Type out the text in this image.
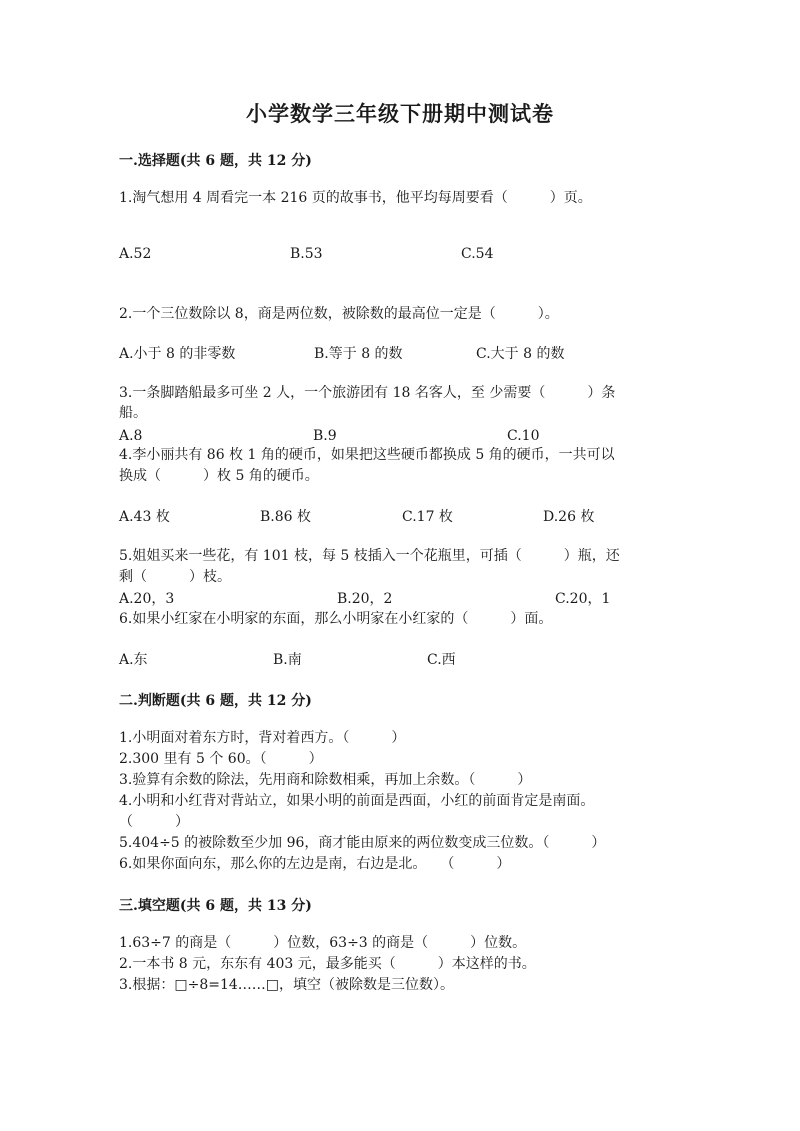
小学数学三年级下册期中测试卷
一.选择题(共 6 题，共 12 分)
1.淘气想用 4 周看完一本 216 页的故事书，他平均每周要看（　　　）页。
A.52	B.53	C.54
2.一个三位数除以 8，商是两位数，被除数的最高位一定是（　　　）。
A.小于 8 的非零数	B.等于 8 的数	C.大于 8 的数
3.一条脚踏船最多可坐 2 人，一个旅游团有 18 名客人，至 少需要（　　　）条
船。
A.8	B.9	C.10
4.李小丽共有 86 枚 1 角的硬币，如果把这些硬币都换成 5 角的硬币，一共可以
换成（　　　）枚 5 角的硬币。
A.43 枚	B.86 枚	C.17 枚	D.26 枚
5.姐姐买来一些花，有 101 枝，每 5 枝插入一个花瓶里，可插（　　　）瓶，还
剩（　　　）枝。
A.20，3	B.20，2	C.20，1
6.如果小红家在小明家的东面，那么小明家在小红家的（　　　）面。
A.东	B.南	C.西
二.判断题(共 6 题，共 12 分)
1.小明面对着东方时，背对着西方。（　　　）
2.300 里有 5 个 60。（　　　）
3.验算有余数的除法，先用商和除数相乘，再加上余数。（　　　）
4.小明和小红背对背站立，如果小明的前面是西面，小红的前面肯定是南面。
（　　　）
5.404÷5 的被除数至少加 96，商才能由原来的两位数变成三位数。（　　　）
6.如果你面向东，那么你的左边是南，右边是北。　　（　　　）
三.填空题(共 6 题，共 13 分)
1.63÷7 的商是（　　　）位数，63÷3 的商是（　　　）位数。
2.一本书 8 元，东东有 403 元，最多能买（　　　）本这样的书。
3.根据：□÷8=14……□，填空（被除数是三位数）。
